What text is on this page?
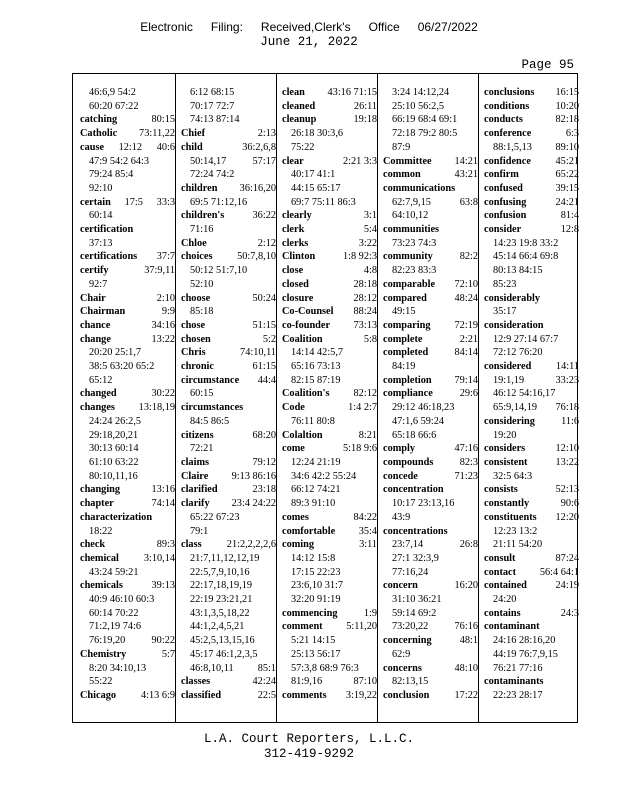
Electronic Filing: Received,Clerk's Office 06/27/2022
June 21, 2022
Page 95
46:6,9 54:2
60:20 67:22
catching	80:15
Catholic 73:11,22
cause 12:12 40:6
47:9 54:2 64:3
79:24 85:4
92:10
certain 17:5 33:3
60:14
certification
37:13
certifications 37:7
certify	37:9,11
92:7
Chair	2:10
Chairman	9:9
chance	34:16
change	13:22
20:20 25:1,7
38:5 63:20 65:2
65:12
changed	30:22
changes 13:18,19
24:24 26:2,5
29:18,20,21
30:13 60:14
61:10 63:22
80:10,11,16
changing	13:16
chapter	74:14
characterization
18:22
check	89:3
chemical 3:10,14
43:24 59:21
chemicals	39:13
40:9 46:10 60:3
60:14 70:22
71:2,19 74:6
76:19,20	90:22
Chemistry	5:7
8:20 34:10,13
55:22
Chicago 4:13 6:9
6:12 68:15
70:17 72:7
74:13 87:14
Chief	2:13
child	36:2,6,8
50:14,17	57:17
72:24 74:2
children 36:16,20
69:5 71:12,16
children's	36:22
71:16
Chloe	2:12
choices 50:7,8,10
50:12 51:7,10
52:10
choose	50:24
85:18
chose	51:15
chosen	5:2
Chris	74:10,11
chronic	61:15
circumstance 44:4
60:15
circumstances
84:5 86:5
citizens	68:20
72:21
claims	79:12
Claire 9:13 86:16
clarified	23:18
clarify 23:4 24:22
65:22 67:23
79:1
class 21:2,2,2,2,6
21:7,11,12,12,19
22:5,7,9,10,16
22:17,18,19,19
22:19 23:21,21
43:1,3,5,18,22
44:1,2,4,5,21
45:2,5,13,15,16
45:17 46:1,2,3,5
46:8,10,11 85:1
classes	42:24
classified	22:5
clean 43:16 71:15
cleaned	26:11
cleanup	19:18
26:18 30:3,6
75:22
clear	2:21 3:3
40:17 41:1
44:15 65:17
69:7 75:11 86:3
clearly	3:1
clerk	5:4
clerks	3:22
Clinton	1:8 92:3
close	4:8
closed	28:18
closure	28:12
Co-Counsel 88:24
co-founder 73:13
Coalition	5:8
14:14 42:5,7
65:16 73:13
82:15 87:19
Coalition's 82:12
Code	1:4 2:7
76:11 80:8
Colaltion	8:21
come	5:18 9:6
12:24 21:19
34:6 42:2 55:24
66:12 74:21
89:3 91:10
comes	84:22
comfortable 35:4
coming	3:11
14:12 15:8
17:15 22:23
23:6,10 31:7
32:20 91:19
commencing	1:9
comment 5:11,20
5:21 14:15
25:13 56:17
57:3,8 68:9 76:3
81:9,16	87:10
comments 3:19,22
3:24 14:12,24
25:10 56:2,5
66:19 68:4 69:1
72:18 79:2 80:5
87:9
Committee 14:21
common	43:21
communications
62:7,9,15	63:8
64:10,12
communities
73:23 74:3
community	82:2
82:23 83:3
comparable 72:10
compared	48:24
49:15
comparing 72:19
complete	2:21
completed	84:14
84:19
completion 79:14
compliance	29:6
29:12 46:18,23
47:1,6 59:24
65:18 66:6
comply	47:16
compounds	82:3
concede	71:23
concentration
10:17 23:13,16
43:9
concentrations
23:7,14	26:8
27:1 32:3,9
77:16,24
concern	16:20
31:10 36:21
59:14 69:2
73:20,22	76:16
concerning	48:1
62:9
concerns	48:10
82:13,15
conclusion 17:22
conclusions 16:15
conditions	10:20
conducts	82:18
conference	6:3
88:1,5,13 89:10
confidence 45:21
confirm	65:22
confused	39:15
confusing	24:21
confusion	81:4
consider	12:8
14:23 19:8 33:2
45:14 66:4 69:8
80:13 84:15
85:23
considerably
35:17
consideration
12:9 27:14 67:7
72:12 76:20
considered 14:11
19:1,19	33:23
46:12 54:16,17
65:9,14,19 76:18
considering	11:6
19:20
considers	12:10
consistent	13:22
32:5 64:3
consists	52:13
constantly	90:6
constituents 12:20
12:23 13:2
21:11 54:20
consult	87:24
contact 56:4 64:1
contained	24:19
24:20
contains	24:3
contaminant
24:16 28:16,20
44:19 76:7,9,15
76:21 77:16
contaminants
22:23 28:17
L.A. Court Reporters, L.L.C.
312-419-9292
